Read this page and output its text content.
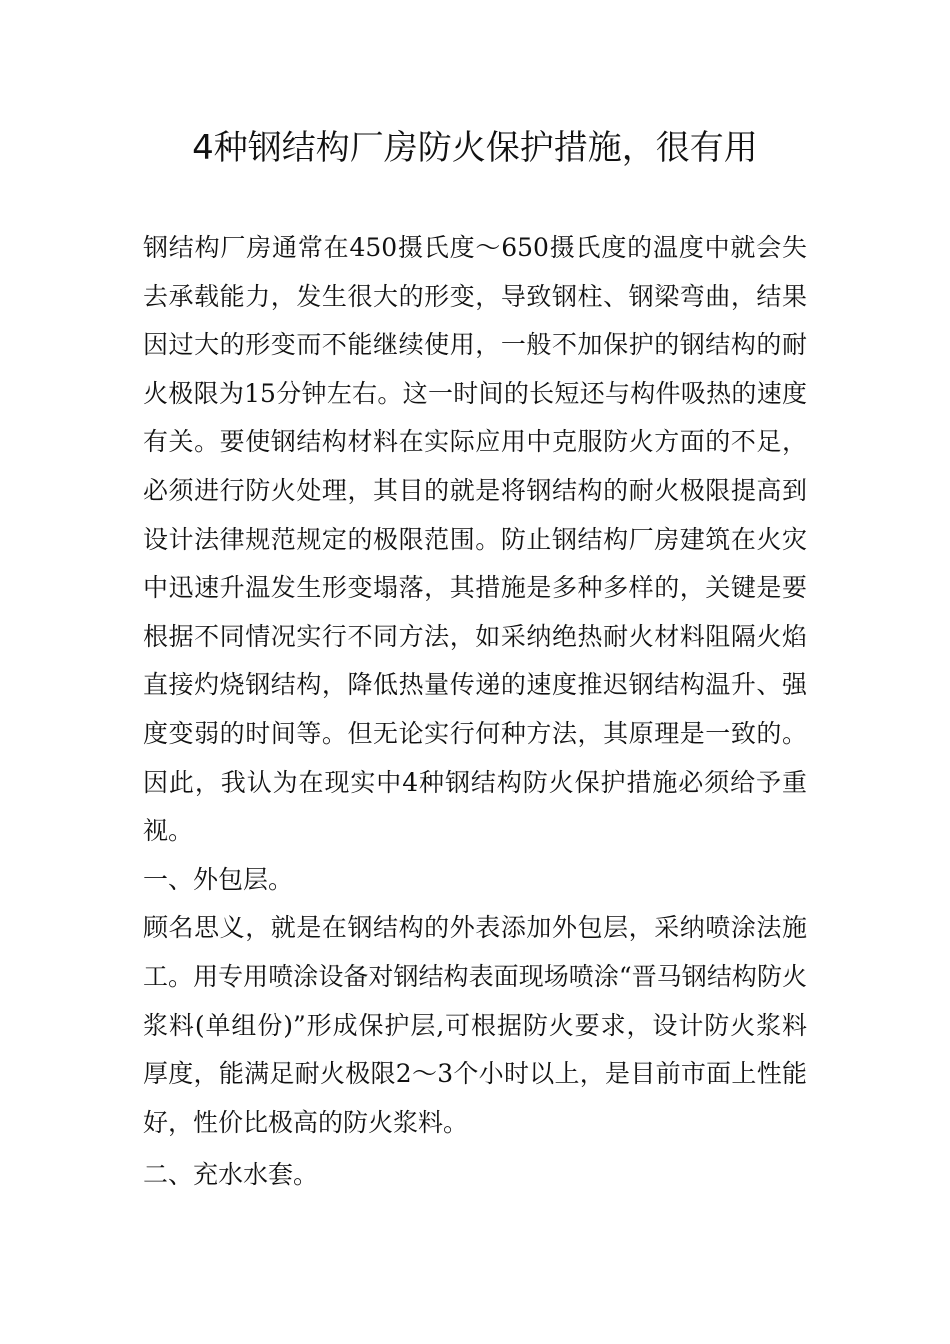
4种钢结构厂房防火保护措施，很有用

钢结构厂房通常在450摄氏度～650摄氏度的温度中就会失去承载能力，发生很大的形变，导致钢柱、钢梁弯曲，结果因过大的形变而不能继续使用，一般不加保护的钢结构的耐火极限为15分钟左右。这一时间的长短还与构件吸热的速度有关。要使钢结构材料在实际应用中克服防火方面的不足，必须进行防火处理，其目的就是将钢结构的耐火极限提高到设计法律规范规定的极限范围。防止钢结构厂房建筑在火灾中迅速升温发生形变塌落，其措施是多种多样的，关键是要根据不同情况实行不同方法，如采纳绝热耐火材料阻隔火焰直接灼烧钢结构，降低热量传递的速度推迟钢结构温升、强度变弱的时间等。但无论实行何种方法，其原理是一致的。因此，我认为在现实中4种钢结构防火保护措施必须给予重视。

一、外包层。

顾名思义，就是在钢结构的外表添加外包层，采纳喷涂法施工。用专用喷涂设备对钢结构表面现场喷涂“晋马钢结构防火浆料(单组份)”形成保护层,可根据防火要求，设计防火浆料厚度，能满足耐火极限2～3个小时以上，是目前市面上性能好，性价比极高的防火浆料。

二、充水水套。
